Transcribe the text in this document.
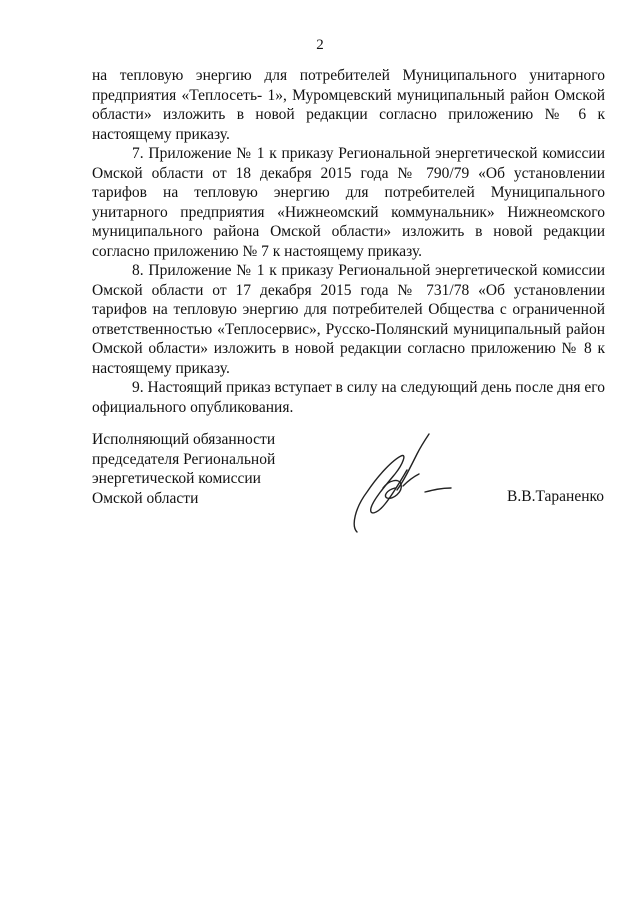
2

на тепловую энергию для потребителей Муниципального унитарного предприятия «Теплосеть- 1», Муромцевский муниципальный район Омской области» изложить в новой редакции согласно приложению № 6 к настоящему приказу.

7. Приложение № 1 к приказу Региональной энергетической комиссии Омской области от 18 декабря 2015 года № 790/79 «Об установлении тарифов на тепловую энергию для потребителей Муниципального унитарного предприятия «Нижнеомский коммунальник» Нижнеомского муниципального района Омской области» изложить в новой редакции согласно приложению № 7 к настоящему приказу.

8. Приложение № 1 к приказу Региональной энергетической комиссии Омской области от 17 декабря 2015 года № 731/78 «Об установлении тарифов на тепловую энергию для потребителей Общества с ограниченной ответственностью «Теплосервис», Русско-Полянский муниципальный район Омской области» изложить в новой редакции согласно приложению № 8 к настоящему приказу.

9. Настоящий приказ вступает в силу на следующий день после дня его официального опубликования.

Исполняющий обязанности
председателя Региональной
энергетической комиссии
Омской области	В.В.Тараненко
